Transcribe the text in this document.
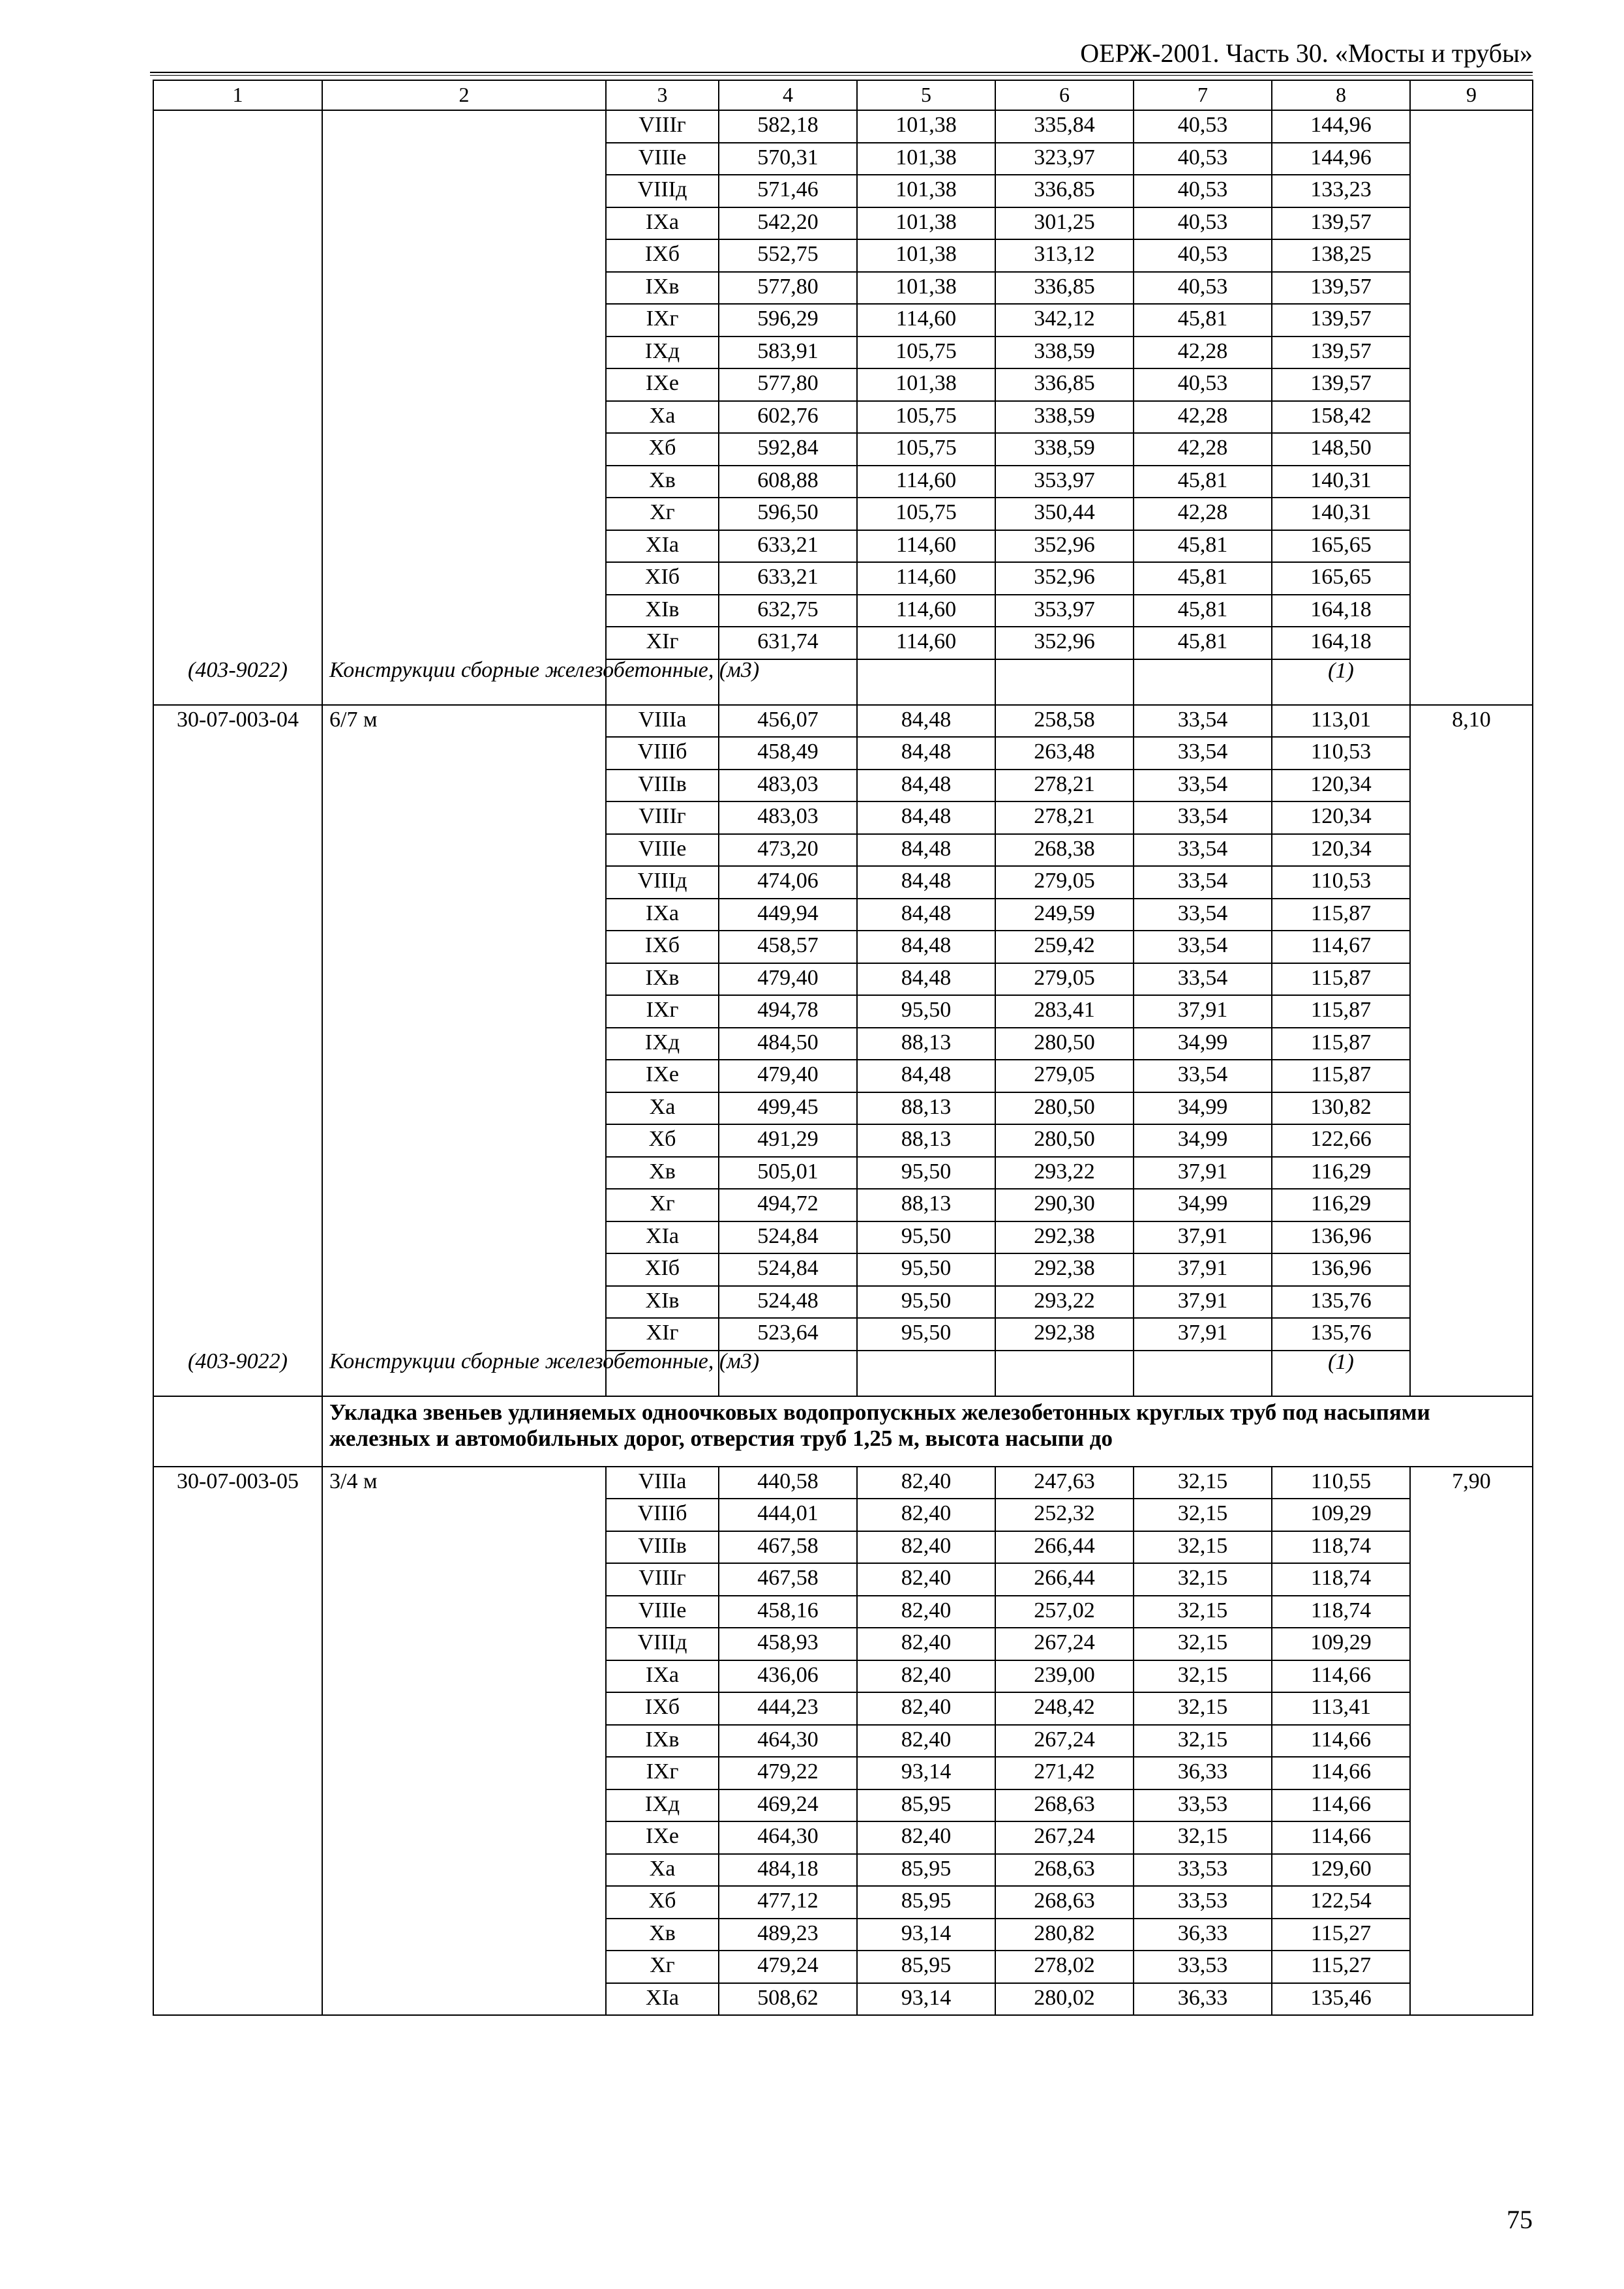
ОЕРЖ-2001. Часть 30. «Мосты и трубы»
1	2	3	4	5	6	7	8	9
		VIIIг	582,18	101,38	335,84	40,53	144,96	
		VIIIе	570,31	101,38	323,97	40,53	144,96	
		VIIIд	571,46	101,38	336,85	40,53	133,23	
		IXа	542,20	101,38	301,25	40,53	139,57	
		IXб	552,75	101,38	313,12	40,53	138,25	
		IXв	577,80	101,38	336,85	40,53	139,57	
		IXг	596,29	114,60	342,12	45,81	139,57	
		IXд	583,91	105,75	338,59	42,28	139,57	
		IXе	577,80	101,38	336,85	40,53	139,57	
		Xа	602,76	105,75	338,59	42,28	158,42	
		Xб	592,84	105,75	338,59	42,28	148,50	
		Xв	608,88	114,60	353,97	45,81	140,31	
		Xг	596,50	105,75	350,44	42,28	140,31	
		XIа	633,21	114,60	352,96	45,81	165,65	
		XIб	633,21	114,60	352,96	45,81	165,65	
		XIв	632,75	114,60	353,97	45,81	164,18	
		XIг	631,74	114,60	352,96	45,81	164,18	
(403-9022)	Конструкции сборные железобетонные, (м3)						(1)	
30-07-003-04	6/7 м	VIIIа	456,07	84,48	258,58	33,54	113,01	8,10
		VIIIб	458,49	84,48	263,48	33,54	110,53	
		VIIIв	483,03	84,48	278,21	33,54	120,34	
		VIIIг	483,03	84,48	278,21	33,54	120,34	
		VIIIе	473,20	84,48	268,38	33,54	120,34	
		VIIIд	474,06	84,48	279,05	33,54	110,53	
		IXа	449,94	84,48	249,59	33,54	115,87	
		IXб	458,57	84,48	259,42	33,54	114,67	
		IXв	479,40	84,48	279,05	33,54	115,87	
		IXг	494,78	95,50	283,41	37,91	115,87	
		IXд	484,50	88,13	280,50	34,99	115,87	
		IXе	479,40	84,48	279,05	33,54	115,87	
		Xа	499,45	88,13	280,50	34,99	130,82	
		Xб	491,29	88,13	280,50	34,99	122,66	
		Xв	505,01	95,50	293,22	37,91	116,29	
		Xг	494,72	88,13	290,30	34,99	116,29	
		XIа	524,84	95,50	292,38	37,91	136,96	
		XIб	524,84	95,50	292,38	37,91	136,96	
		XIв	524,48	95,50	293,22	37,91	135,76	
		XIг	523,64	95,50	292,38	37,91	135,76	
(403-9022)	Конструкции сборные железобетонные, (м3)						(1)	
	Укладка звеньев удлиняемых одноочковых водопропускных железобетонных круглых труб под насыпями железных и автомобильных дорог, отверстия труб 1,25 м, высота насыпи до							
30-07-003-05	3/4 м	VIIIа	440,58	82,40	247,63	32,15	110,55	7,90
		VIIIб	444,01	82,40	252,32	32,15	109,29	
		VIIIв	467,58	82,40	266,44	32,15	118,74	
		VIIIг	467,58	82,40	266,44	32,15	118,74	
		VIIIе	458,16	82,40	257,02	32,15	118,74	
		VIIIд	458,93	82,40	267,24	32,15	109,29	
		IXа	436,06	82,40	239,00	32,15	114,66	
		IXб	444,23	82,40	248,42	32,15	113,41	
		IXв	464,30	82,40	267,24	32,15	114,66	
		IXг	479,22	93,14	271,42	36,33	114,66	
		IXд	469,24	85,95	268,63	33,53	114,66	
		IXе	464,30	82,40	267,24	32,15	114,66	
		Xа	484,18	85,95	268,63	33,53	129,60	
		Xб	477,12	85,95	268,63	33,53	122,54	
		Xв	489,23	93,14	280,82	36,33	115,27	
		Xг	479,24	85,95	278,02	33,53	115,27	
		XIа	508,62	93,14	280,02	36,33	135,46	
75
